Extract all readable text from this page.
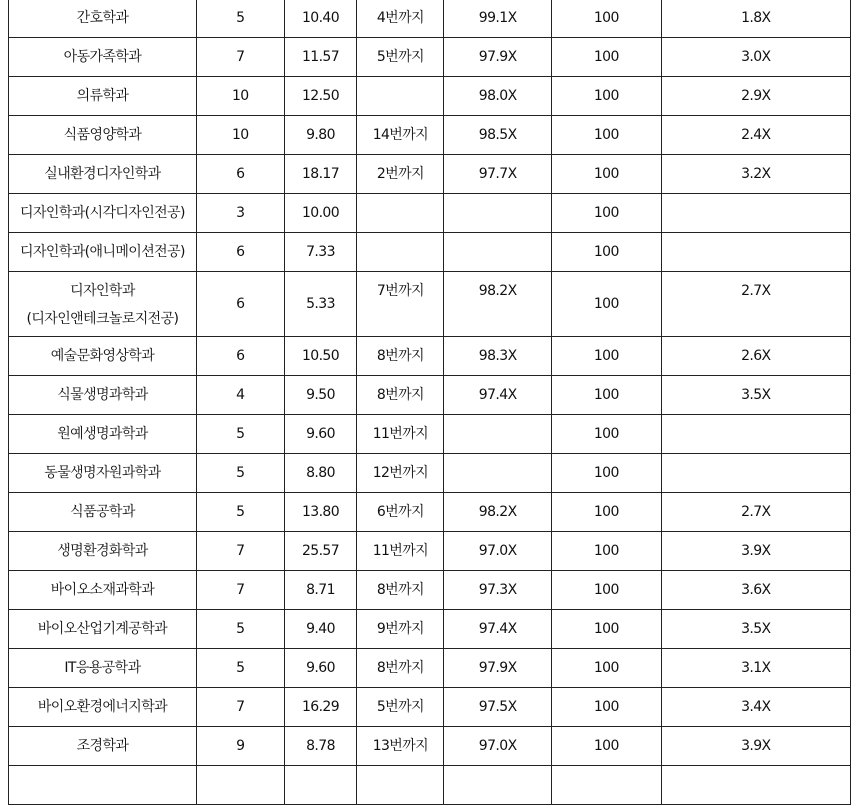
간호학과	5	10.40	4번까지	99.1X	100	1.8X
아동가족학과	7	11.57	5번까지	97.9X	100	3.0X
의류학과	10	12.50		98.0X	100	2.9X
식품영양학과	10	9.80	14번까지	98.5X	100	2.4X
실내환경디자인학과	6	18.17	2번까지	97.7X	100	3.2X
디자인학과(시각디자인전공)	3	10.00			100	
디자인학과(애니메이션전공)	6	7.33			100	

디자인학과
(디자인앤테크놀로지전공)	6	5.33	7번까지	98.2X	100	2.7X
예술문화영상학과	6	10.50	8번까지	98.3X	100	2.6X
식물생명과학과	4	9.50	8번까지	97.4X	100	3.5X
원예생명과학과	5	9.60	11번까지		100	
동물생명자원과학과	5	8.80	12번까지		100	
식품공학과	5	13.80	6번까지	98.2X	100	2.7X
생명환경화학과	7	25.57	11번까지	97.0X	100	3.9X
바이오소재과학과	7	8.71	8번까지	97.3X	100	3.6X
바이오산업기계공학과	5	9.40	9번까지	97.4X	100	3.5X
IT응용공학과	5	9.60	8번까지	97.9X	100	3.1X
바이오환경에너지학과	7	16.29	5번까지	97.5X	100	3.4X
조경학과	9	8.78	13번까지	97.0X	100	3.9X
